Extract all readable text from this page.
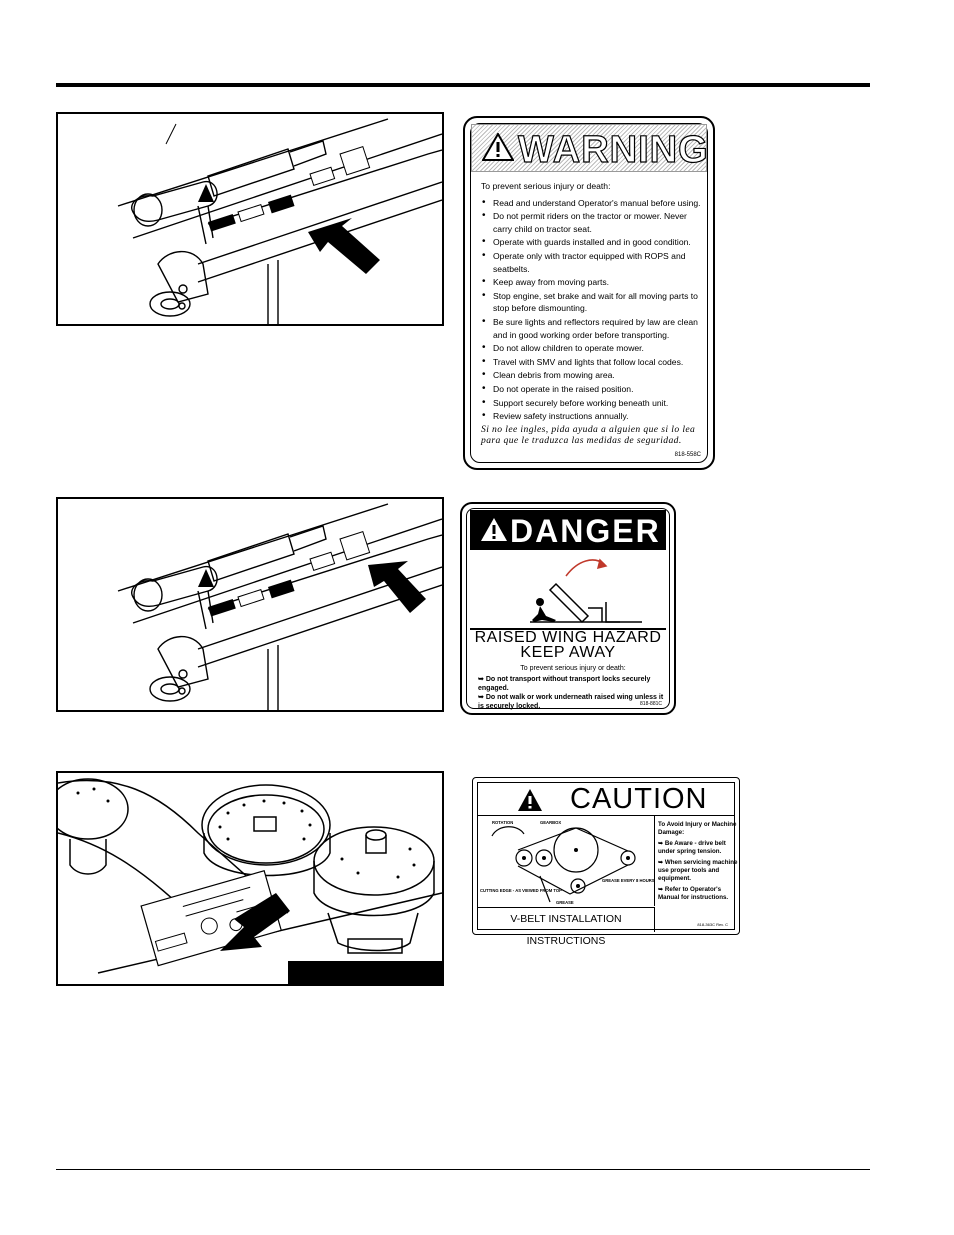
WARNING
To prevent serious injury or death:
• Read and understand Operator's manual before using.
• Do not permit riders on the tractor or mower. Never carry child on tractor seat.
• Operate with guards installed and in good condition.
• Operate only with tractor equipped with ROPS and seatbelts.
• Keep away from moving parts.
• Stop engine, set brake and wait for all moving parts to stop before dismounting.
• Be sure lights and reflectors required by law are clean and in good working order before transporting.
• Do not allow children to operate mower.
• Travel with SMV and lights that follow local codes.
• Clean debris from mowing area.
• Do not operate in the raised position.
• Support securely before working beneath unit.
• Review safety instructions annually.
Si no lee ingles, pida ayuda a alguien que si lo lea para que le traduzca las medidas de seguridad.
818-558C
DANGER
RAISED WING HAZARD
KEEP AWAY
To prevent serious injury or death:
➥ Do not transport without transport locks securely engaged.
➥ Do not walk or work underneath raised wing unless it is securely locked.	818-881C
CAUTION
ROTATION	GEARBOX
CUTTING EDGE - AS VIEWED FROM TOP
GREASE
GREASE EVERY 8 HOURS
V-BELT INSTALLATION INSTRUCTIONS
To Avoid Injury or Machine Damage:

➥ Be Aware - drive belt under spring tension.

➥ When servicing machine use proper tools and equipment.

➥ Refer to Operator's Manual for instructions.

818-363C Rev. C
